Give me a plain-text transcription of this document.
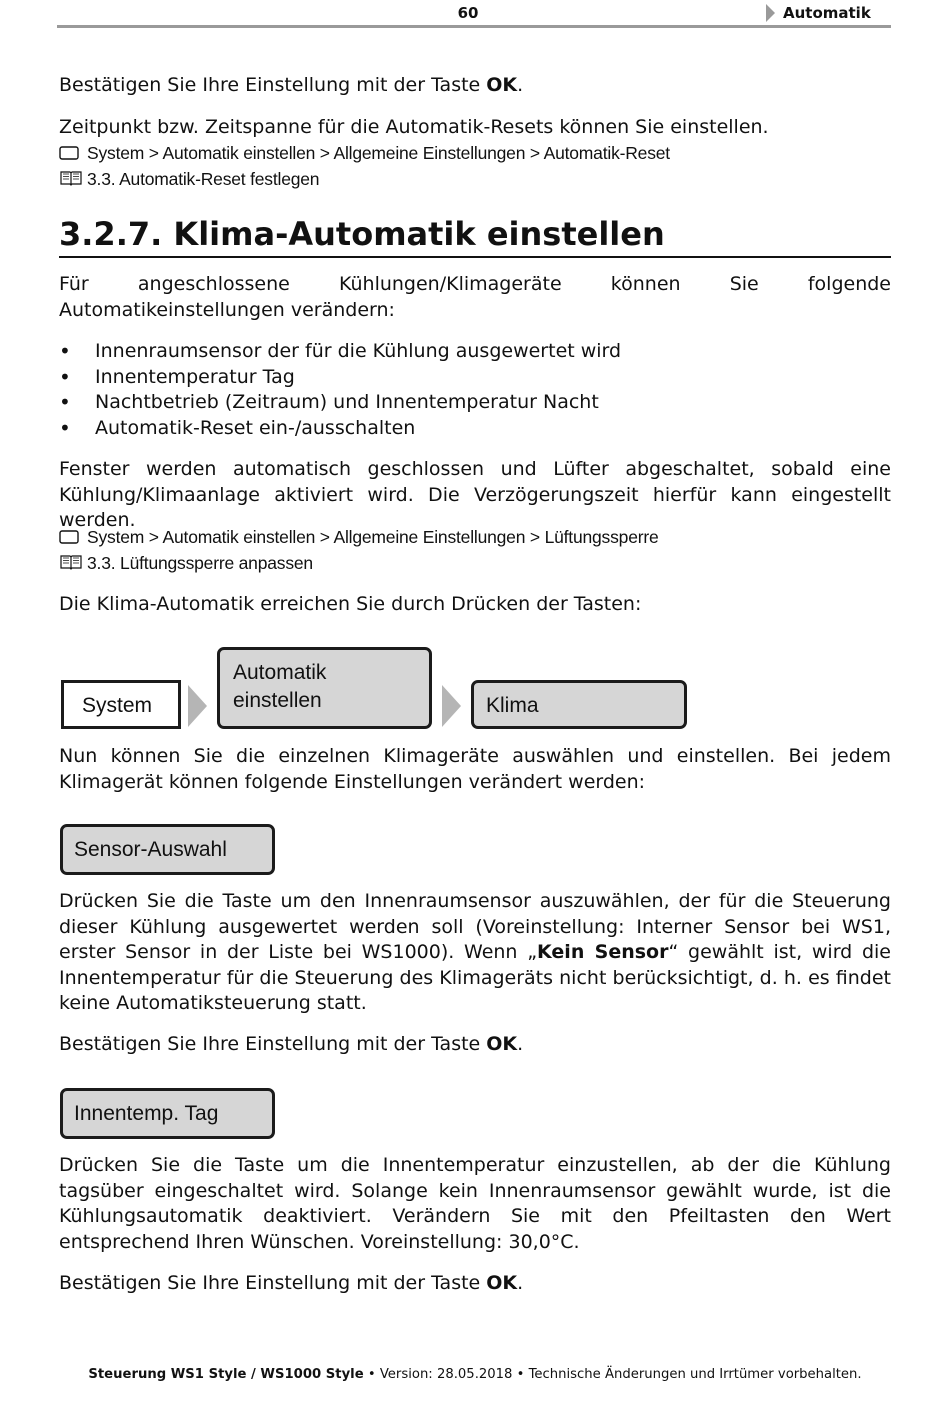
60	Automatik

Bestätigen Sie Ihre Einstellung mit der Taste OK.

Zeitpunkt bzw. Zeitspanne für die Automatik-Resets können Sie einstellen.

System > Automatik einstellen > Allgemeine Einstellungen > Automatik-Reset
3.3. Automatik-Reset festlegen
3.2.7. Klima-Automatik einstellen

Für angeschlossene Kühlungen/Klimageräte können Sie folgende Automatikeinstellungen verändern:

• Innenraumsensor der für die Kühlung ausgewertet wird
• Innentemperatur Tag
• Nachtbetrieb (Zeitraum) und Innentemperatur Nacht
• Automatik-Reset ein-/ausschalten

Fenster werden automatisch geschlossen und Lüfter abgeschaltet, sobald eine Kühlung/Klimaanlage aktiviert wird. Die Verzögerungszeit hierfür kann eingestellt werden.

System > Automatik einstellen > Allgemeine Einstellungen > Lüftungssperre
3.3. Lüftungssperre anpassen

Die Klima-Automatik erreichen Sie durch Drücken der Tasten:

System
Automatik
einstellen	Klima

Nun können Sie die einzelnen Klimageräte auswählen und einstellen. Bei jedem Klimagerät können folgende Einstellungen verändert werden:

Sensor-Auswahl

Drücken Sie die Taste um den Innenraumsensor auszuwählen, der für die Steuerung dieser Kühlung ausgewertet werden soll (Voreinstellung: Interner Sensor bei WS1, erster Sensor in der Liste bei WS1000). Wenn „Kein Sensor“ gewählt ist, wird die Innentemperatur für die Steuerung des Klimageräts nicht berücksichtigt, d. h. es findet keine Automatiksteuerung statt.

Bestätigen Sie Ihre Einstellung mit der Taste OK.

Innentemp. Tag

Drücken Sie die Taste um die Innentemperatur einzustellen, ab der die Kühlung tagsüber eingeschaltet wird. Solange kein Innenraumsensor gewählt wurde, ist die Kühlungsautomatik deaktiviert. Verändern Sie mit den Pfeiltasten den Wert entsprechend Ihren Wünschen. Voreinstellung: 30,0°C.

Bestätigen Sie Ihre Einstellung mit der Taste OK.

Steuerung WS1 Style / WS1000 Style • Version: 28.05.2018 • Technische Änderungen und Irrtümer vorbehalten.
